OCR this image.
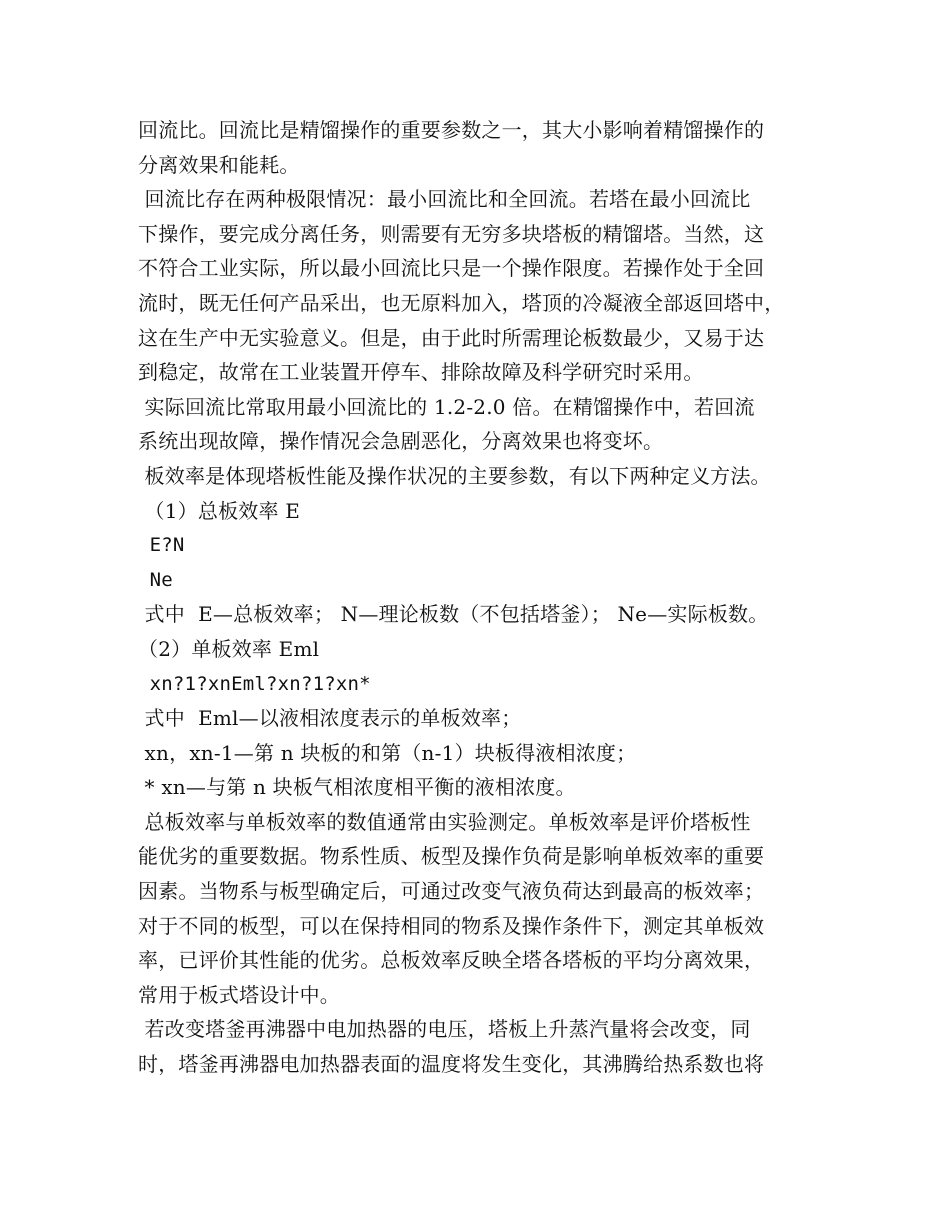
回流比。回流比是精馏操作的重要参数之一，其大小影响着精馏操作的
分离效果和能耗。
回流比存在两种极限情况：最小回流比和全回流。若塔在最小回流比
下操作，要完成分离任务，则需要有无穷多块塔板的精馏塔。当然，这
不符合工业实际，所以最小回流比只是一个操作限度。若操作处于全回
流时，既无任何产品采出，也无原料加入，塔顶的冷凝液全部返回塔中，
这在生产中无实验意义。但是，由于此时所需理论板数最少，又易于达
到稳定，故常在工业装置开停车、排除故障及科学研究时采用。
实际回流比常取用最小回流比的 1.2-2.0 倍。在精馏操作中，若回流
系统出现故障，操作情况会急剧恶化，分离效果也将变坏。
板效率是体现塔板性能及操作状况的主要参数，有以下两种定义方法。
（1）总板效率 E
E?N
Ne
式中  E—总板效率； N—理论板数（不包括塔釜）； Ne—实际板数。
（2）单板效率 Eml
xn?1?xnEml?xn?1?xn*
式中  Eml—以液相浓度表示的单板效率；
xn，xn-1—第 n 块板的和第（n-1）块板得液相浓度；
* xn—与第 n 块板气相浓度相平衡的液相浓度。
总板效率与单板效率的数值通常由实验测定。单板效率是评价塔板性
能优劣的重要数据。物系性质、板型及操作负荷是影响单板效率的重要
因素。当物系与板型确定后，可通过改变气液负荷达到最高的板效率；
对于不同的板型，可以在保持相同的物系及操作条件下，测定其单板效
率，已评价其性能的优劣。总板效率反映全塔各塔板的平均分离效果，
常用于板式塔设计中。
若改变塔釜再沸器中电加热器的电压，塔板上升蒸汽量将会改变，同
时，塔釜再沸器电加热器表面的温度将发生变化，其沸腾给热系数也将
